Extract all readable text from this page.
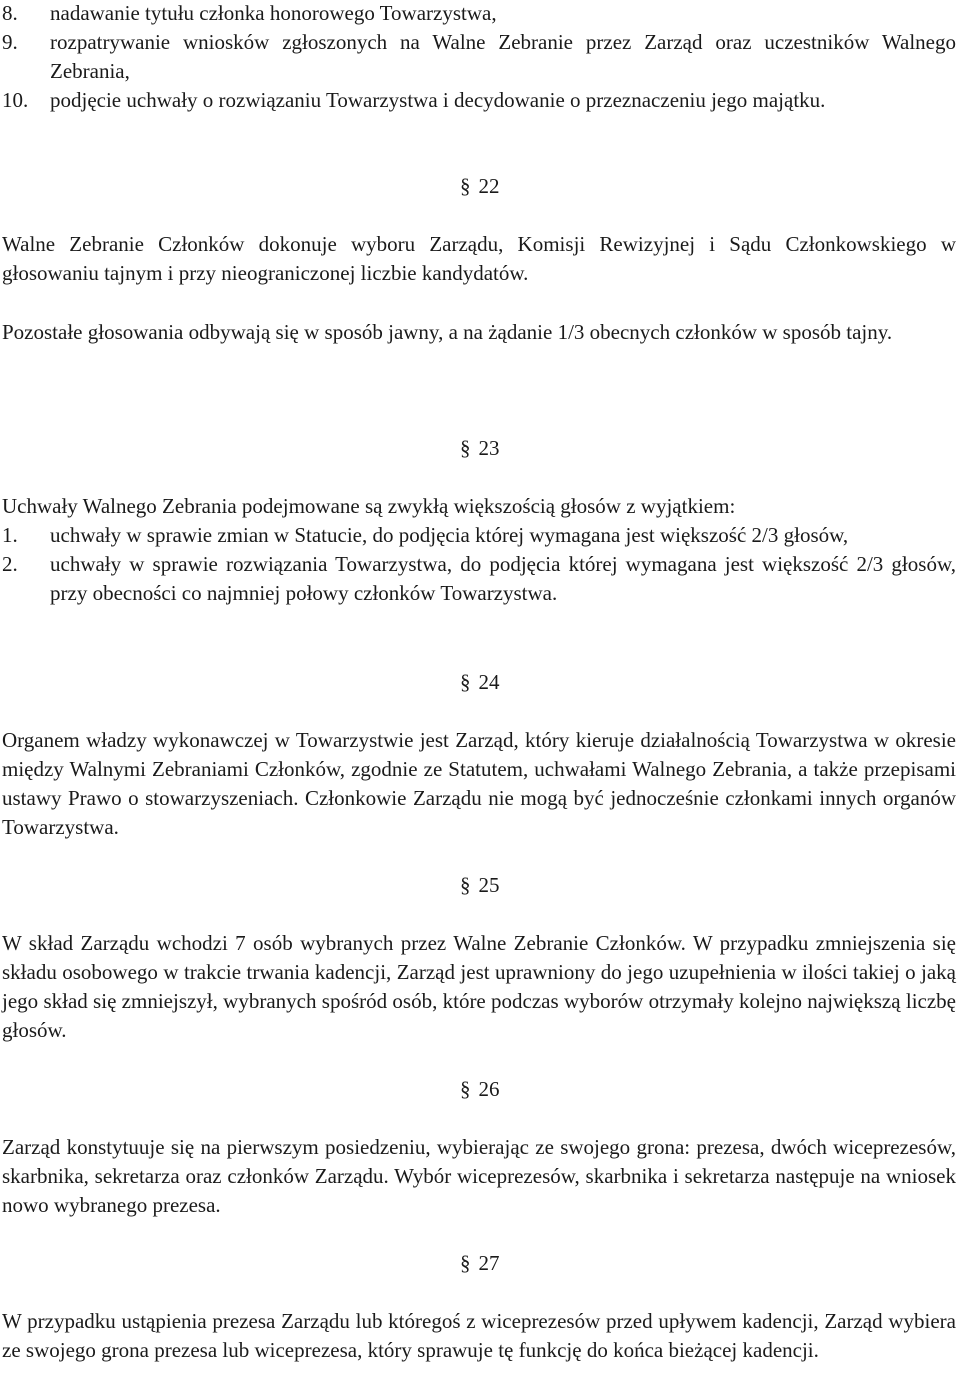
8. nadawanie tytułu członka honorowego Towarzystwa,
9. rozpatrywanie wniosków zgłoszonych na Walne Zebranie przez Zarząd oraz uczestników Walnego Zebrania,
10. podjęcie uchwały o rozwiązaniu Towarzystwa i decydowanie o przeznaczeniu jego majątku.
§ 22

Walne Zebranie Członków dokonuje wyboru Zarządu, Komisji Rewizyjnej i Sądu Członkowskiego w głosowaniu tajnym i przy nieograniczonej liczbie kandydatów.

Pozostałe głosowania odbywają się w sposób jawny, a na żądanie 1/3 obecnych członków w sposób tajny.

§ 23

Uchwały Walnego Zebrania podejmowane są zwykłą większością głosów z wyjątkiem:

1. uchwały w sprawie zmian w Statucie, do podjęcia której wymagana jest większość 2/3 głosów,
2. uchwały w sprawie rozwiązania Towarzystwa, do podjęcia której wymagana jest większość 2/3 głosów, przy obecności co najmniej połowy członków Towarzystwa.
§ 24

Organem władzy wykonawczej w Towarzystwie jest Zarząd, który kieruje działalnością Towarzystwa w okresie między Walnymi Zebraniami Członków, zgodnie ze Statutem, uchwałami Walnego Zebrania, a także przepisami ustawy Prawo o stowarzyszeniach. Członkowie Zarządu nie mogą być jednocześnie członkami innych organów Towarzystwa.

§ 25

W skład Zarządu wchodzi 7 osób wybranych przez Walne Zebranie Członków. W przypadku zmniejszenia się składu osobowego w trakcie trwania kadencji, Zarząd jest uprawniony do jego uzupełnienia w ilości takiej o jaką jego skład się zmniejszył, wybranych spośród osób, które podczas wyborów otrzymały kolejno największą liczbę głosów.

§ 26

Zarząd konstytuuje się na pierwszym posiedzeniu, wybierając ze swojego grona: prezesa, dwóch wiceprezesów, skarbnika, sekretarza oraz członków Zarządu. Wybór wiceprezesów, skarbnika i sekretarza następuje na wniosek nowo wybranego prezesa.

§ 27

W przypadku ustąpienia prezesa Zarządu lub któregoś z wiceprezesów przed upływem kadencji, Zarząd wybiera ze swojego grona prezesa lub wiceprezesa, który sprawuje tę funkcję do końca bieżącej kadencji.
